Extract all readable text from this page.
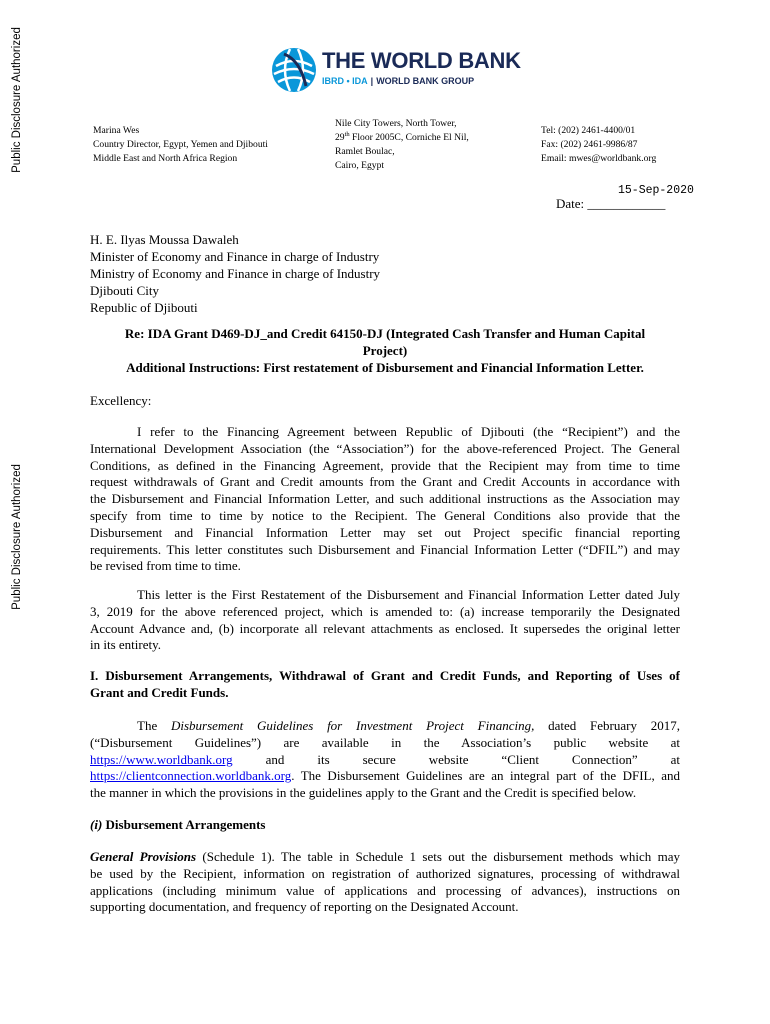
Public Disclosure Authorized
Public Disclosure Authorized
THE WORLD BANK
IBRD • IDA | WORLD BANK GROUP
Marina Wes
Country Director, Egypt, Yemen and Djibouti
Middle East and North Africa Region
Nile City Towers, North Tower,
29th Floor 2005C, Corniche El Nil,
Ramlet Boulac,
Cairo, Egypt
Tel: (202) 2461-4400/01
Fax: (202) 2461-9986/87
Email: mwes@worldbank.org
15-Sep-2020
Date: ____________
H. E. Ilyas Moussa Dawaleh
Minister of Economy and Finance in charge of Industry
Ministry of Economy and Finance in charge of Industry
Djibouti City
Republic of Djibouti
Re: IDA Grant D469-DJ_and Credit 64150-DJ (Integrated Cash Transfer and Human Capital
Project)
Additional Instructions: First restatement of Disbursement and Financial Information Letter.
Excellency:
I refer to the Financing Agreement between Republic of Djibouti (the “Recipient”) and the
International Development Association (the “Association”) for the above-referenced Project. The General
Conditions, as defined in the Financing Agreement, provide that the Recipient may from time to time
request withdrawals of Grant and Credit amounts from the Grant and Credit Accounts in accordance with
the Disbursement and Financial Information Letter, and such additional instructions as the Association may
specify from time to time by notice to the Recipient. The General Conditions also provide that the
Disbursement and Financial Information Letter may set out Project specific financial reporting
requirements. This letter constitutes such Disbursement and Financial Information Letter (“DFIL”) and may
be revised from time to time.
This letter is the First Restatement of the Disbursement and Financial Information Letter dated July
3, 2019 for the above referenced project, which is amended to: (a) increase temporarily the Designated
Account Advance and, (b) incorporate all relevant attachments as enclosed. It supersedes the original letter
in its entirety.
I. Disbursement Arrangements, Withdrawal of Grant and Credit Funds, and Reporting of Uses of
Grant and Credit Funds.
The Disbursement Guidelines for Investment Project Financing, dated February 2017,
(“Disbursement Guidelines”) are available in the Association’s public website at
https://www.worldbank.org and its secure website “Client Connection” at
https://clientconnection.worldbank.org. The Disbursement Guidelines are an integral part of the DFIL, and
the manner in which the provisions in the guidelines apply to the Grant and the Credit is specified below.
(i) Disbursement Arrangements
General Provisions (Schedule 1). The table in Schedule 1 sets out the disbursement methods which may
be used by the Recipient, information on registration of authorized signatures, processing of withdrawal
applications (including minimum value of applications and processing of advances), instructions on
supporting documentation, and frequency of reporting on the Designated Account.
